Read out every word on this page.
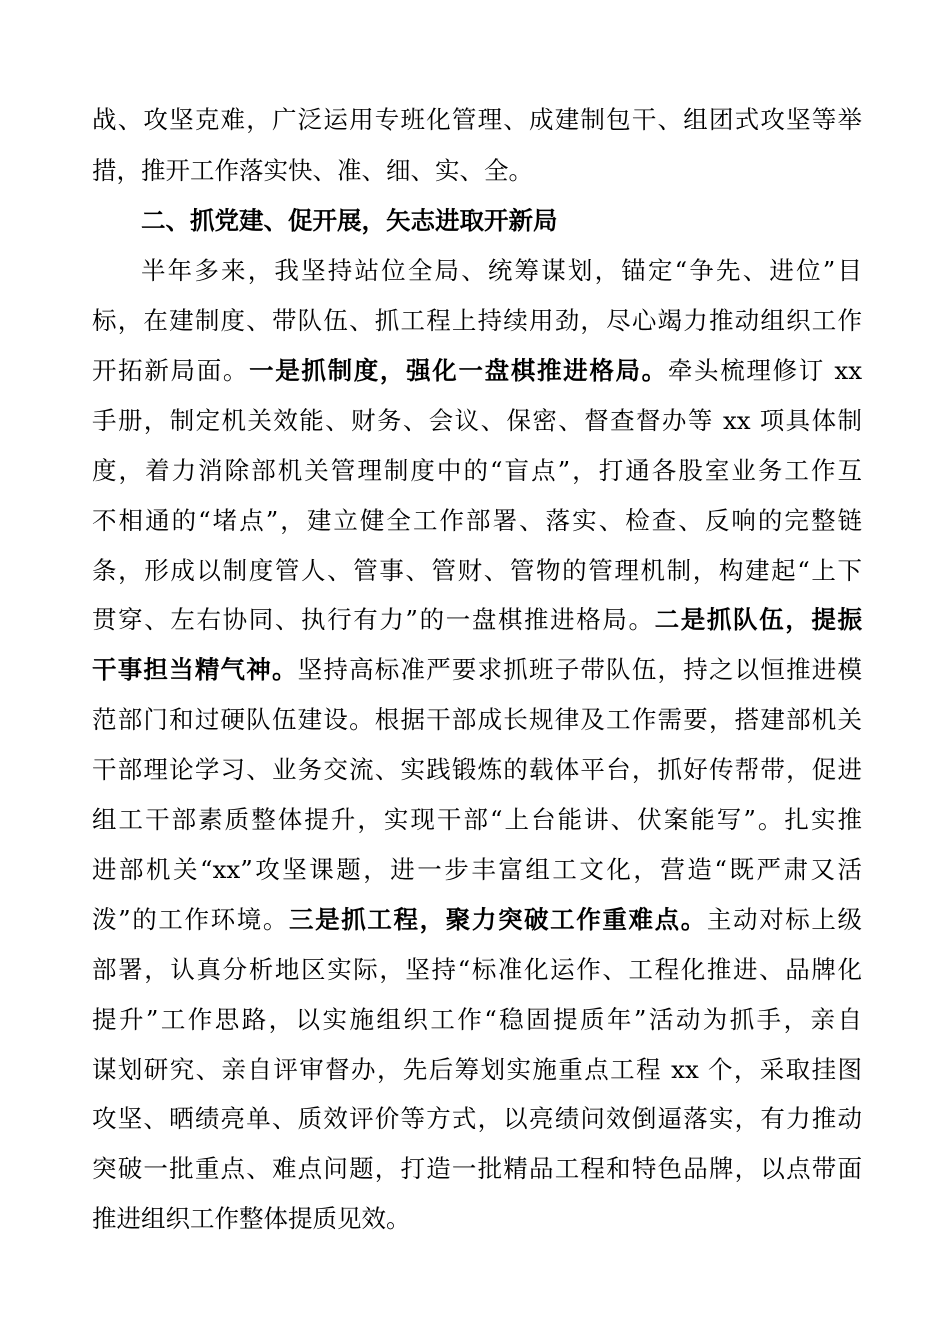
战、攻坚克难，广泛运用专班化管理、成建制包干、组团式攻坚等举
措，推开工作落实快、准、细、实、全。
二、抓党建、促开展，矢志进取开新局
半年多来，我坚持站位全局、统筹谋划，锚定“争先、进位”目
标，在建制度、带队伍、抓工程上持续用劲，尽心竭力推动组织工作
开拓新局面。一是抓制度，强化一盘棋推进格局。牵头梳理修订 xx
手册，制定机关效能、财务、会议、保密、督查督办等 xx 项具体制
度，着力消除部机关管理制度中的“盲点”，打通各股室业务工作互
不相通的“堵点”，建立健全工作部署、落实、检查、反响的完整链
条，形成以制度管人、管事、管财、管物的管理机制，构建起“上下
贯穿、左右协同、执行有力”的一盘棋推进格局。二是抓队伍，提振
干事担当精气神。坚持高标准严要求抓班子带队伍，持之以恒推进模
范部门和过硬队伍建设。根据干部成长规律及工作需要，搭建部机关
干部理论学习、业务交流、实践锻炼的载体平台，抓好传帮带，促进
组工干部素质整体提升，实现干部“上台能讲、伏案能写”。扎实推
进部机关“xx”攻坚课题，进一步丰富组工文化，营造“既严肃又活
泼”的工作环境。三是抓工程，聚力突破工作重难点。主动对标上级
部署，认真分析地区实际，坚持“标准化运作、工程化推进、品牌化
提升”工作思路，以实施组织工作“稳固提质年”活动为抓手，亲自
谋划研究、亲自评审督办，先后筹划实施重点工程 xx 个，采取挂图
攻坚、晒绩亮单、质效评价等方式，以亮绩问效倒逼落实，有力推动
突破一批重点、难点问题，打造一批精品工程和特色品牌，以点带面
推进组织工作整体提质见效。
